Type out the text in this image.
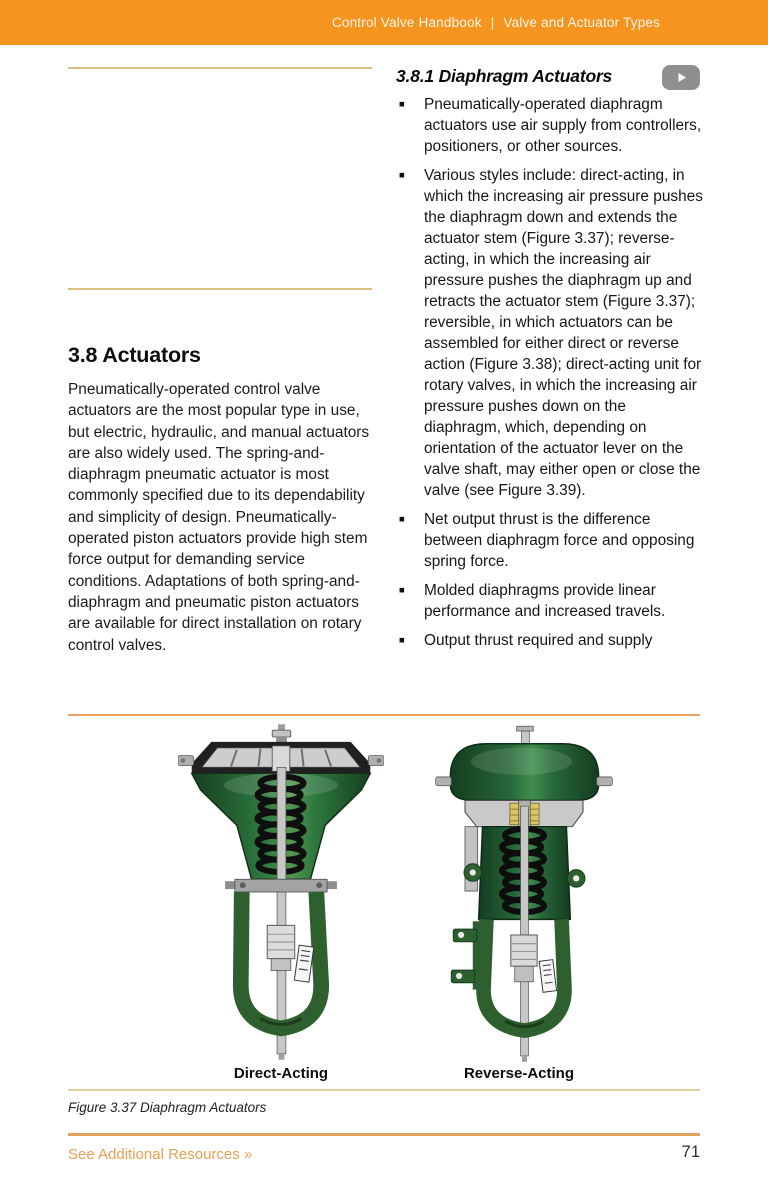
Control Valve Handbook | Valve and Actuator Types
3.8 Actuators
Pneumatically-operated control valve actuators are the most popular type in use, but electric, hydraulic, and manual actuators are also widely used. The spring-and-diaphragm pneumatic actuator is most commonly specified due to its dependability and simplicity of design. Pneumatically-operated piston actuators provide high stem force output for demanding service conditions. Adaptations of both spring-and-diaphragm and pneumatic piston actuators are available for direct installation on rotary control valves.
3.8.1 Diaphragm Actuators
■	Pneumatically-operated diaphragm actuators use air supply from controllers, positioners, or other sources.
■	Various styles include: direct-acting, in which the increasing air pressure pushes the diaphragm down and extends the actuator stem (Figure 3.37); reverse-acting, in which the increasing air pressure pushes the diaphragm up and retracts the actuator stem (Figure 3.37); reversible, in which actuators can be assembled for either direct or reverse action (Figure 3.38); direct-acting unit for rotary valves, in which the increasing air pressure pushes down on the diaphragm, which, depending on orientation of the actuator lever on the valve shaft, may either open or close the valve (see Figure 3.39).
■	Net output thrust is the difference between diaphragm force and opposing spring force.
■	Molded diaphragms provide linear performance and increased travels.
■	Output thrust required and supply
Direct-Acting	Reverse-Acting
Figure 3.37 Diaphragm Actuators
See Additional Resources »	71
